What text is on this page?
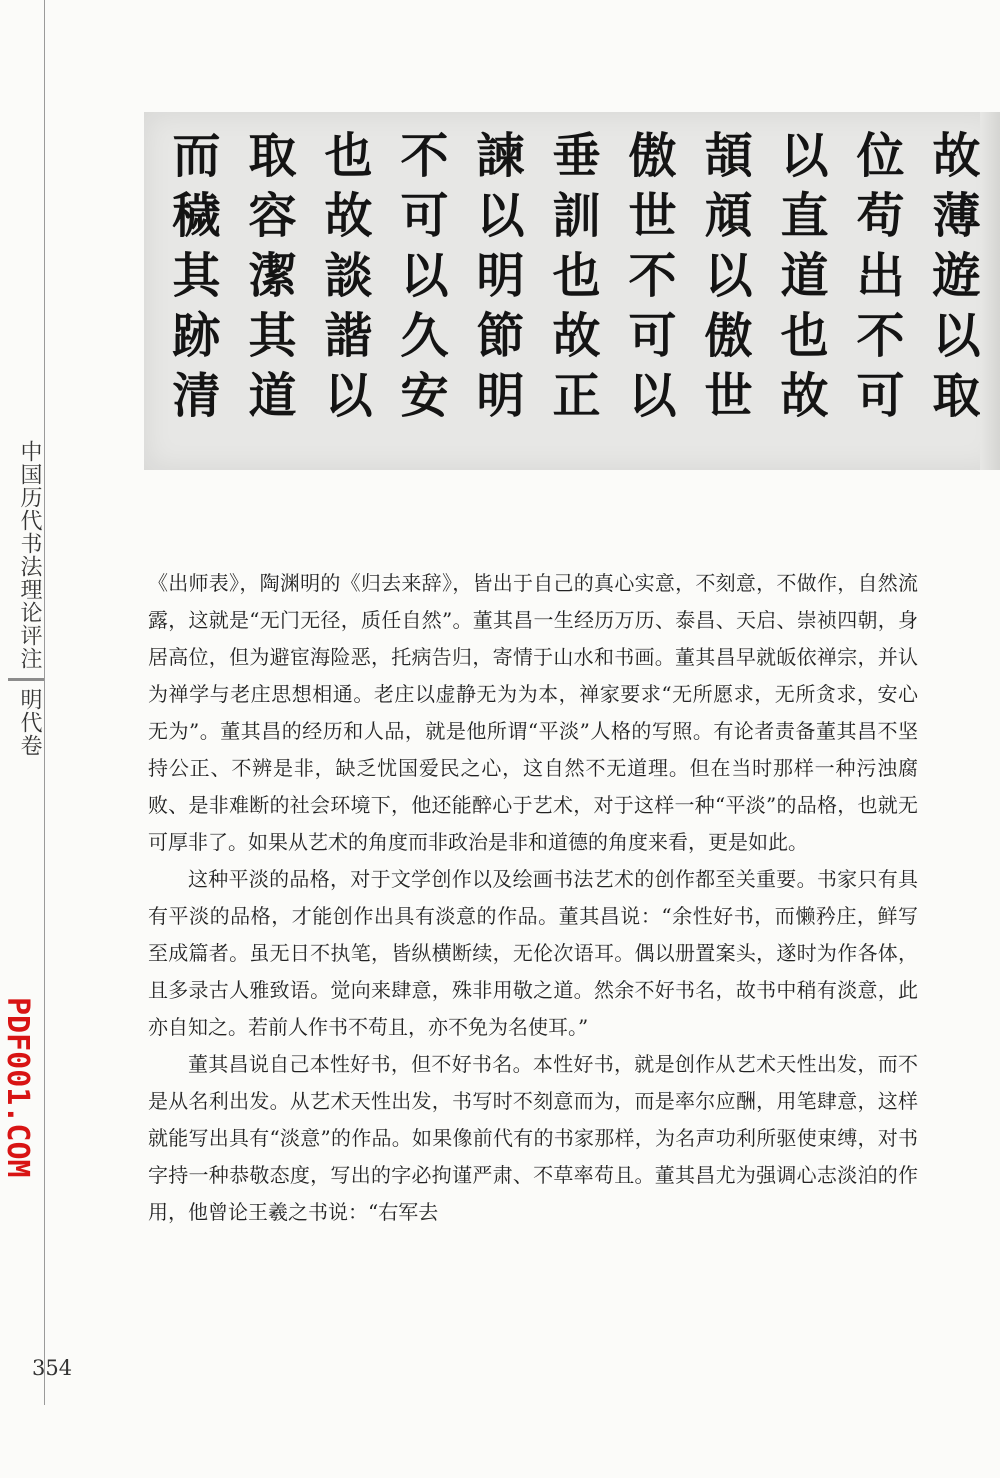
中国历代书法理论评注
明代卷
PDF001.COM
354
故薄遊以取
位苟出不可
以直道也故
頡頏以傲世
傲世不可以
垂訓也故正
諫以明節明
不可以久安
也故談諧以
取容潔其道
而穢其跡清

《出师表》，陶渊明的《归去来辞》，皆出于自己的真心实意，不刻意，不做作，自然流露，这就是“无门无径，质任自然”。董其昌一生经历万历、泰昌、天启、崇祯四朝，身居高位，但为避宦海险恶，托病告归，寄情于山水和书画。董其昌早就皈依禅宗，并认为禅学与老庄思想相通。老庄以虚静无为为本，禅家要求“无所愿求，无所贪求，安心无为”。董其昌的经历和人品，就是他所谓“平淡”人格的写照。有论者责备董其昌不坚持公正、不辨是非，缺乏忧国爱民之心，这自然不无道理。但在当时那样一种污浊腐败、是非难断的社会环境下，他还能醉心于艺术，对于这样一种“平淡”的品格，也就无可厚非了。如果从艺术的角度而非政治是非和道德的角度来看，更是如此。

这种平淡的品格，对于文学创作以及绘画书法艺术的创作都至关重要。书家只有具有平淡的品格，才能创作出具有淡意的作品。董其昌说：“余性好书，而懒矜庄，鲜写至成篇者。虽无日不执笔，皆纵横断续，无伦次语耳。偶以册置案头，遂时为作各体，且多录古人雅致语。觉向来肆意，殊非用敬之道。然余不好书名，故书中稍有淡意，此亦自知之。若前人作书不苟且，亦不免为名使耳。”

董其昌说自己本性好书，但不好书名。本性好书，就是创作从艺术天性出发，而不是从名利出发。从艺术天性出发，书写时不刻意而为，而是率尔应酬，用笔肆意，这样就能写出具有“淡意”的作品。如果像前代有的书家那样，为名声功利所驱使束缚，对书字持一种恭敬态度，写出的字必拘谨严肃、不草率苟且。董其昌尤为强调心志淡泊的作用，他曾论王羲之书说：“右军去
